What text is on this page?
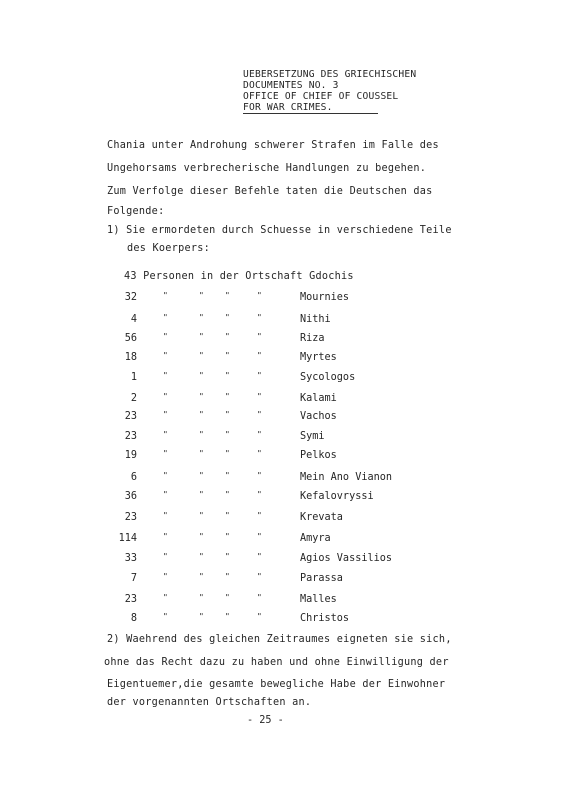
UEBERSETZUNG DES GRIECHISCHEN
DOCUMENTES NO. 3
OFFICE OF CHIEF OF COUSSEL
FOR WAR CRIMES.
Chania unter Androhung schwerer Strafen im Falle des
Ungehorsams verbrecherische Handlungen zu begehen.
Zum Verfolge dieser Befehle taten die Deutschen das
Folgende:
1) Sie ermordeten durch Schuesse in verschiedene Teile
des Koerpers:
43 Personen in der Ortschaft Gdochis
32	"	"	"	"	Mournies
4	"	"	"	"	Nithi
56	"	"	"	"	Riza
18	"	"	"	"	Myrtes
1	"	"	"	"	Sycologos
2	"	"	"	"	Kalami
23	"	"	"	"	Vachos
23	"	"	"	"	Symi
19	"	"	"	"	Pelkos
6	"	"	"	"	Mein Ano Vianon
36	"	"	"	"	Kefalovryssi
23	"	"	"	"	Krevata
114	"	"	"	"	Amyra
33	"	"	"	"	Agios Vassilios
7	"	"	"	"	Parassa
23	"	"	"	"	Malles
8	"	"	"	"	Christos
2) Waehrend des gleichen Zeitraumes eigneten sie sich,
ohne das Recht dazu zu haben und ohne Einwilligung der
Eigentuemer,die gesamte bewegliche Habe der Einwohner
der vorgenannten Ortschaften an.
- 25 -
